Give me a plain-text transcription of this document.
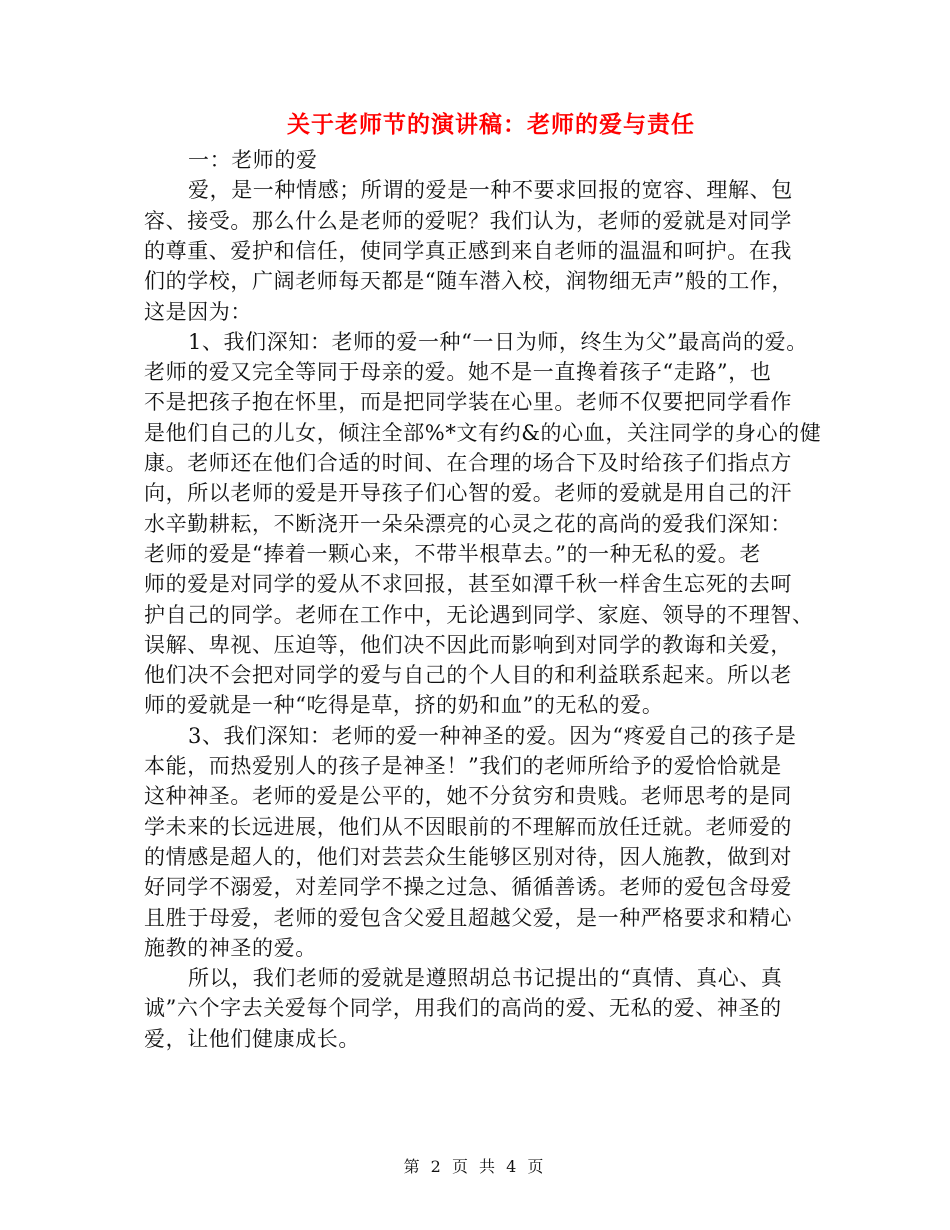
关于老师节的演讲稿：老师的爱与责任
一：老师的爱
爱，是一种情感；所谓的爱是一种不要求回报的宽容、理解、包
容、接受。那么什么是老师的爱呢？我们认为，老师的爱就是对同学
的尊重、爱护和信任，使同学真正感到来自老师的温温和呵护。在我
们的学校，广阔老师每天都是“随车潜入校，润物细无声”般的工作，
这是因为：
1、我们深知：老师的爱一种“一日为师，终生为父”最高尚的爱。
老师的爱又完全等同于母亲的爱。她不是一直搀着孩子“走路”，也
不是把孩子抱在怀里，而是把同学装在心里。老师不仅要把同学看作
是他们自己的儿女，倾注全部%*文有约&的心血，关注同学的身心的健
康。老师还在他们合适的时间、在合理的场合下及时给孩子们指点方
向，所以老师的爱是开导孩子们心智的爱。老师的爱就是用自己的汗
水辛勤耕耘，不断浇开一朵朵漂亮的心灵之花的高尚的爱我们深知：
老师的爱是“捧着一颗心来，不带半根草去。”的一种无私的爱。老
师的爱是对同学的爱从不求回报，甚至如潭千秋一样舍生忘死的去呵
护自己的同学。老师在工作中，无论遇到同学、家庭、领导的不理智、
误解、卑视、压迫等，他们决不因此而影响到对同学的教诲和关爱，
他们决不会把对同学的爱与自己的个人目的和利益联系起来。所以老
师的爱就是一种“吃得是草，挤的奶和血”的无私的爱。
3、我们深知：老师的爱一种神圣的爱。因为“疼爱自己的孩子是
本能，而热爱别人的孩子是神圣！”我们的老师所给予的爱恰恰就是
这种神圣。老师的爱是公平的，她不分贫穷和贵贱。老师思考的是同
学未来的长远进展，他们从不因眼前的不理解而放任迁就。老师爱的
的情感是超人的，他们对芸芸众生能够区别对待，因人施教，做到对
好同学不溺爱，对差同学不操之过急、循循善诱。老师的爱包含母爱
且胜于母爱，老师的爱包含父爱且超越父爱，是一种严格要求和精心
施教的神圣的爱。
所以，我们老师的爱就是遵照胡总书记提出的“真情、真心、真
诚”六个字去关爱每个同学，用我们的高尚的爱、无私的爱、神圣的
爱，让他们健康成长。
第 2 页 共 4 页
